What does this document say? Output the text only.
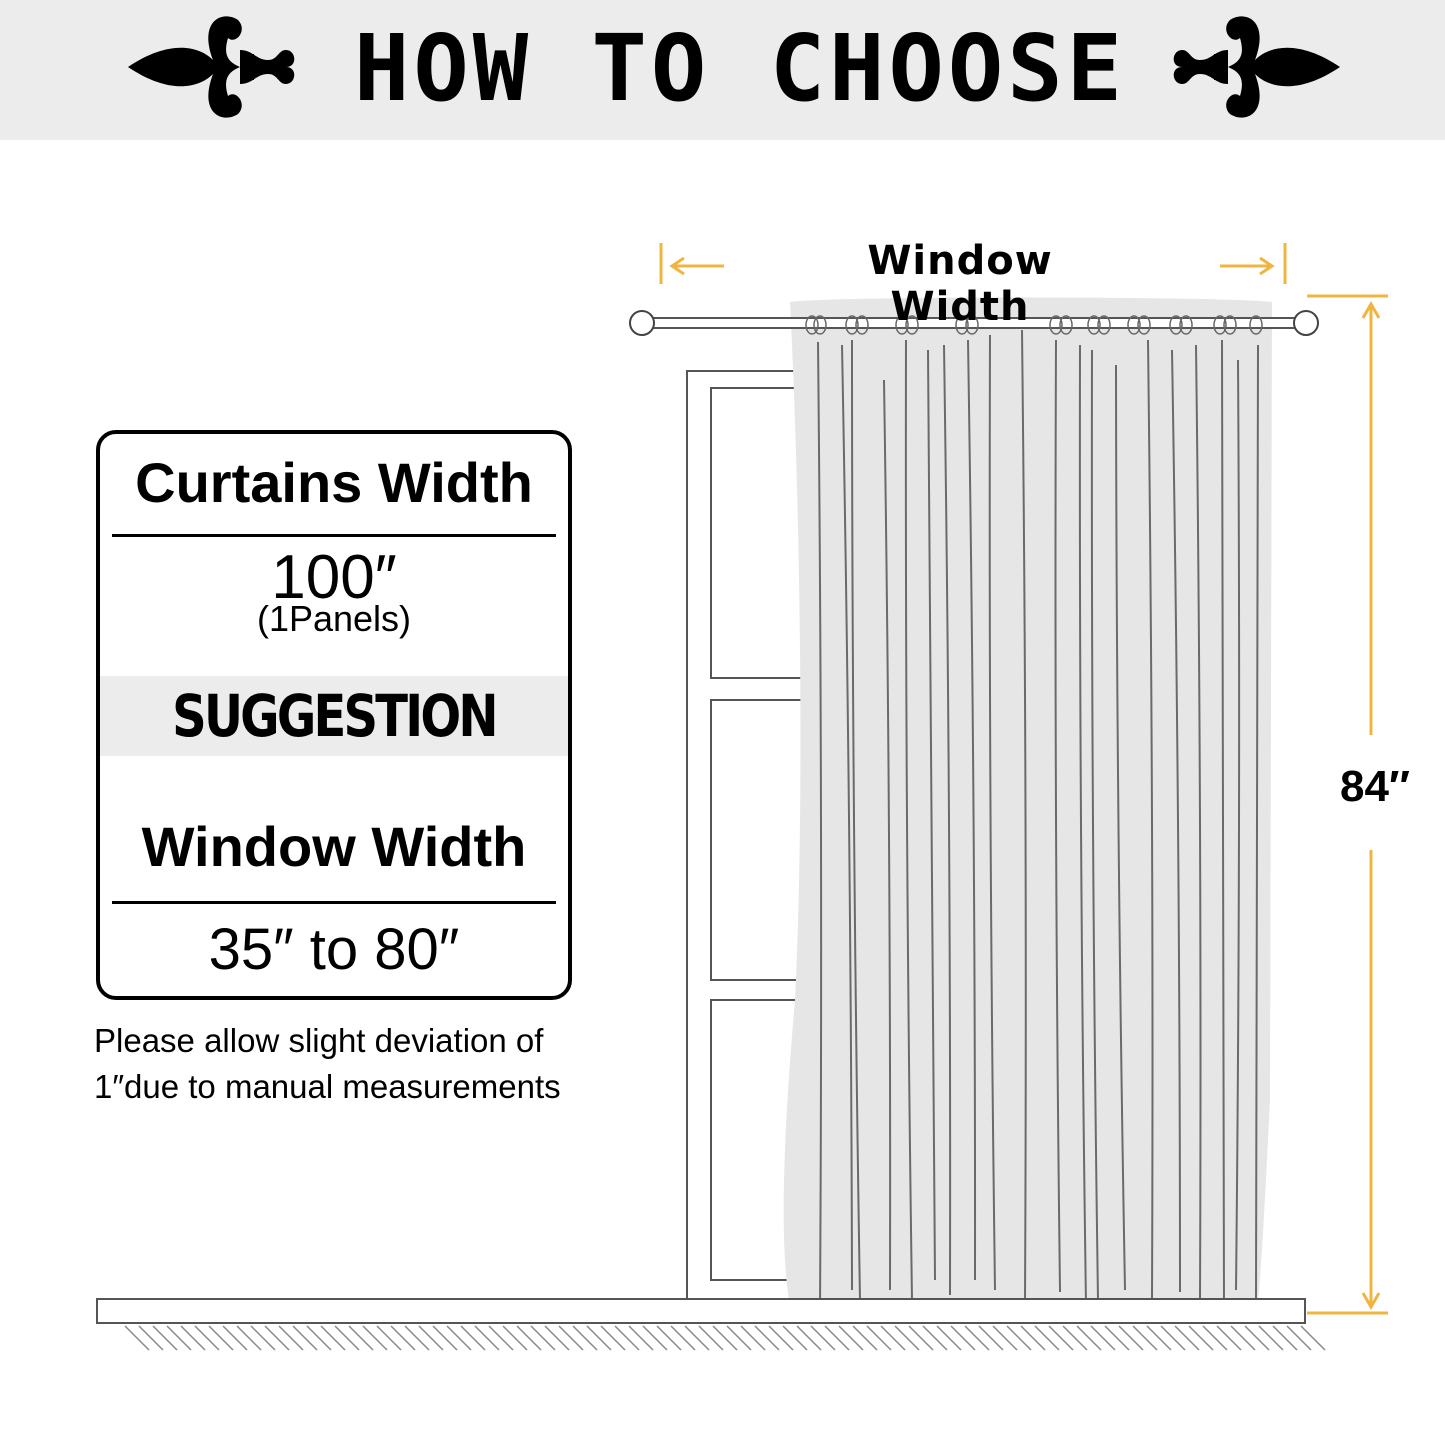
HOW TO CHOOSE
Window Width
84″
Curtains Width
100″
(1Panels)
SUGGESTION
Window Width
35″ to 80″
Please allow slight deviation of
1″due to manual measurements
